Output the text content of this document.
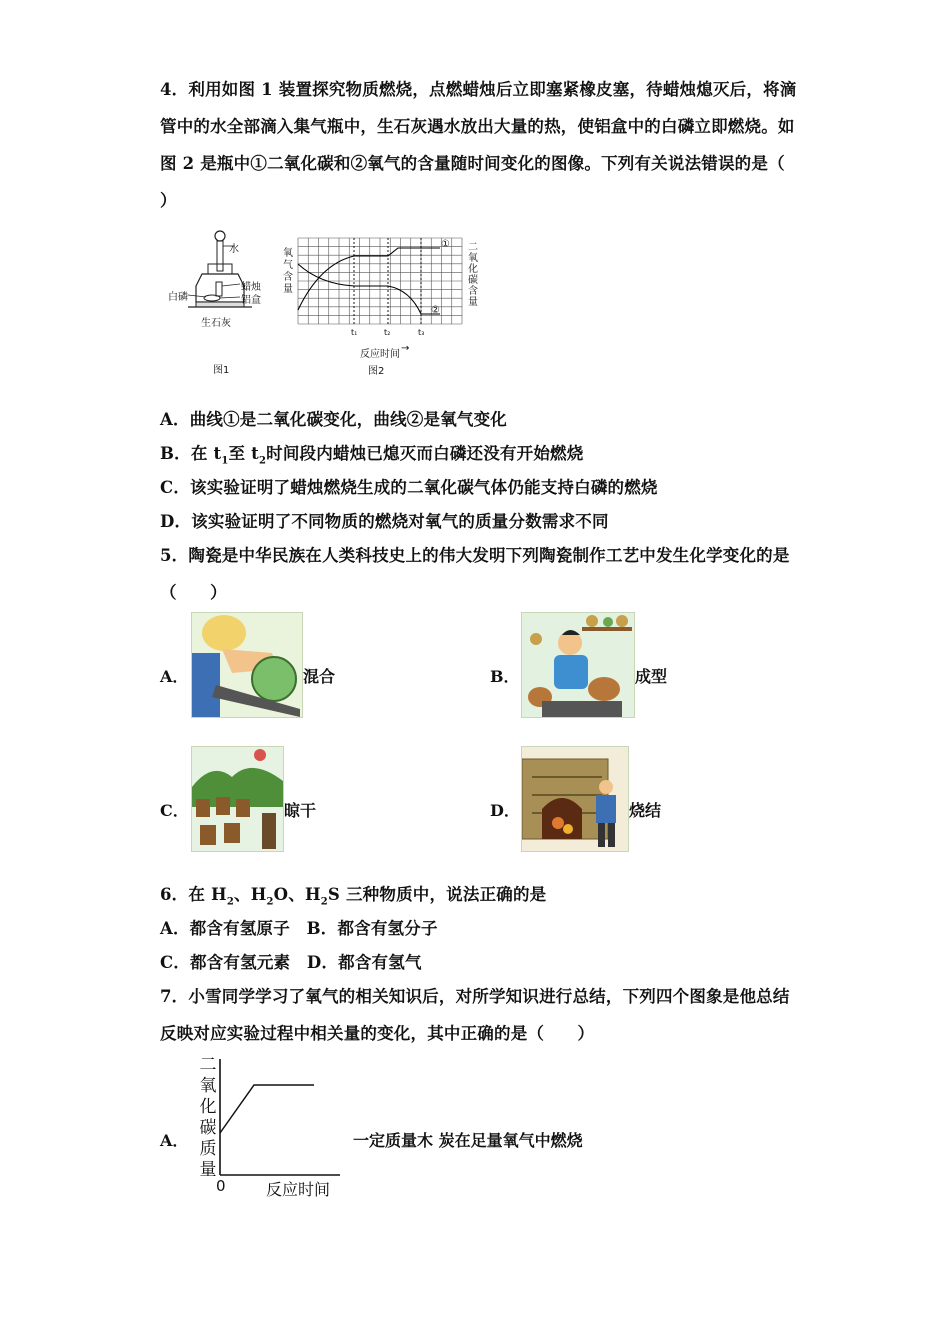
4．利用如图 1 装置探究物质燃烧，点燃蜡烛后立即塞紧橡皮塞，待蜡烛熄灭后，将滴
管中的水全部滴入集气瓶中，生石灰遇水放出大量的热，使铝盒中的白磷立即燃烧。如
图 2 是瓶中①二氧化碳和②氧气的含量随时间变化的图像。下列有关说法错误的是（
）
水
蜡烛
白磷	铝盒
生石灰
图1
氧气含量
二氧化碳含量
t₁	t₂	t₃
①
②
反应时间
→
图2
A．曲线①是二氧化碳变化，曲线②是氧气变化
B．在 $t_1$至 $t_2$时间段内蜡烛已熄灭而白磷还没有开始燃烧
C．该实验证明了蜡烛燃烧生成的二氧化碳气体仍能支持白磷的燃烧
D．该实验证明了不同物质的燃烧对氧气的质量分数需求不同
5．陶瓷是中华民族在人类科技史上的伟大发明下列陶瓷制作工艺中发生化学变化的是
（　　）
A．	混合	B．	成型
C．	晾干	D．	烧结
6．在 $H_2$、$H_2O$、$H_2S$ 三种物质中，说法正确的是
A．都含有氢原子　B．都含有氢分子
C．都含有氢元素　D．都含有氢气
7．小雪同学学习了氧气的相关知识后，对所学知识进行总结，下列四个图象是他总结
反映对应实验过程中相关量的变化，其中正确的是（　　）
A．
二
氧
化
碳
质
量
0	反应时间
一定质量木 炭在足量氧气中燃烧
